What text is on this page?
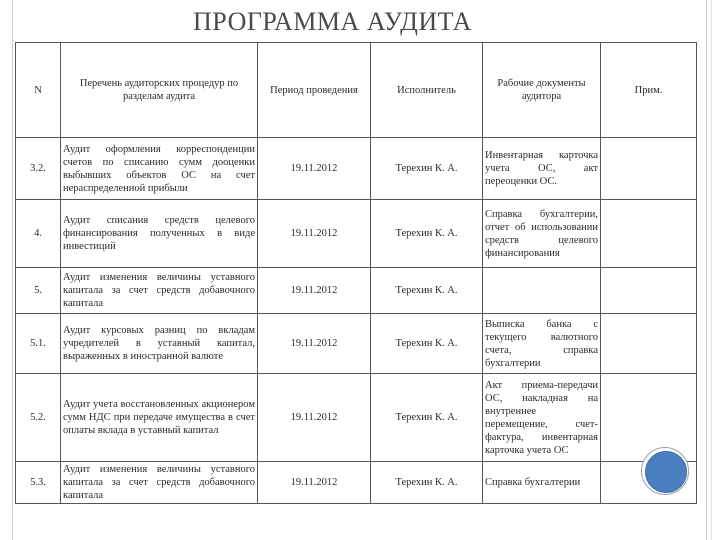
ПРОГРАММА АУДИТА
N	Перечень аудиторских процедур по разделам аудита	Период проведения	Исполнитель	Рабочие документы аудитора	Прим.
3.2.	Аудит оформления корреспонденции счетов по списанию сумм дооценки выбывших объектов ОС на счет нераспределенной прибыли	19.11.2012	Терехин К. А.	Инвентарная карточка учета ОС, акт переоценки ОС.	
4.	Аудит списания средств целевого финансирования полученных в виде инвестиций	19.11.2012	Терехин К. А.	Справка бухгалтерии, отчет об использовании средств целевого финансирования	
5.	Аудит изменения величины уставного капитала за счет средств добавочного капитала	19.11.2012	Терехин К. А.		
5.1.	Аудит курсовых разниц по вкладам учредителей в уставный капитал, выраженных в иностранной валюте	19.11.2012	Терехин К. А.	Выписка банка с текущего валютного счета, справка бухгалтерии	
5.2.	Аудит учета восстановленных акционером сумм НДС при передаче имущества в счет оплаты вклада в уставный капитал	19.11.2012	Терехин К. А.	Акт приема-передачи ОС, накладная на внутреннее перемещение, счет-фактура, инвентарная карточка учета ОС	
5.3.	Аудит изменения величины уставного капитала за счет средств добавочного капитала	19.11.2012	Терехин К. А.	Справка бухгалтерии	
